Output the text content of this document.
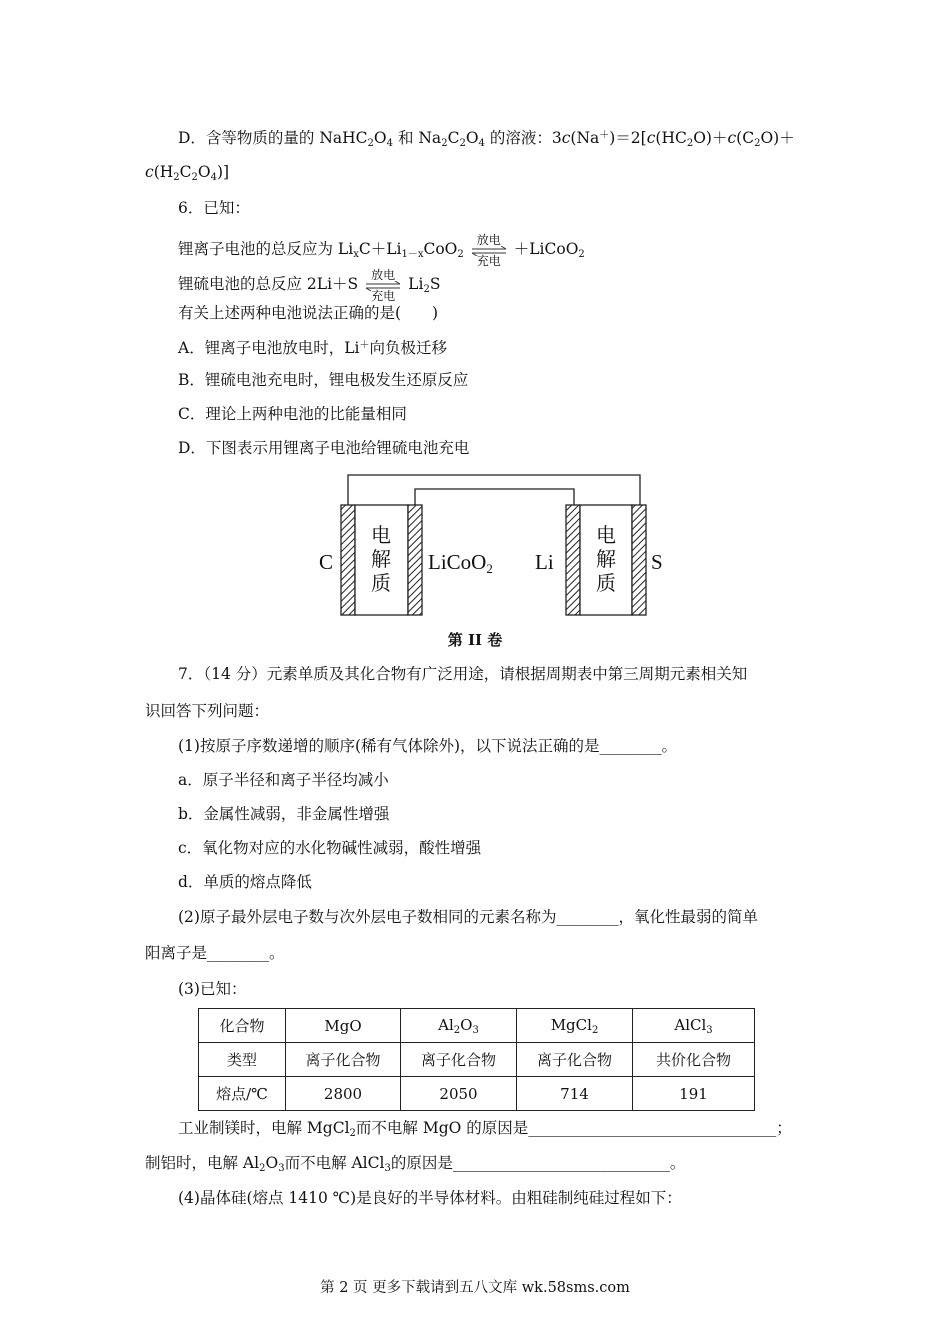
D．含等物质的量的 $NaHC_2O_4$ 和 $Na_2C_2O_4$ 的溶液：$3c(Na^+)=2[c(HC_2O)+c(C_2O)+$
$c(H_2C_2O_4)$]
6．已知：
锂离子电池的总反应为 $Li_xC+Li_{1-x}CoO_2$
放电
充电
＋LiCoO$_2$
锂硫电池的总反应 2Li＋S	放电
充电
$Li_2S$
有关上述两种电池说法正确的是(　　)
A．锂离子电池放电时，Li＋向负极迁移
B．锂硫电池充电时，锂电极发生还原反应
C．理论上两种电池的比能量相同
D．下图表示用锂离子电池给锂硫电池充电
电
解
质
电
解
质
C	LiCoO2 Li	S
第 II 卷
7．（14 分）元素单质及其化合物有广泛用途，请根据周期表中第三周期元素相关知
识回答下列问题：
(1)按原子序数递增的顺序(稀有气体除外)，以下说法正确的是________。
a．原子半径和离子半径均减小
b．金属性减弱，非金属性增强
c．氧化物对应的水化物碱性减弱，酸性增强
d．单质的熔点降低
(2)原子最外层电子数与次外层电子数相同的元素名称为________，氧化性最弱的简单
阳离子是________。
(3)已知：
化合物	MgO	$Al_2O_3$	MgCl$_2$	AlCl$_3$
类型	离子化合物	离子化合物	离子化合物	共价化合物
熔点/℃	2800	2050	714	191
工业制镁时，电解 MgCl$_2$而不电解 MgO 的原因是________________________________；
制铝时，电解 $Al_2O_3$而不电解 AlCl$_3$的原因是____________________________。
(4)晶体硅(熔点 1410 ℃)是良好的半导体材料。由粗硅制纯硅过程如下：
第 2 页 更多下载请到五八文库 wk.58sms.com
